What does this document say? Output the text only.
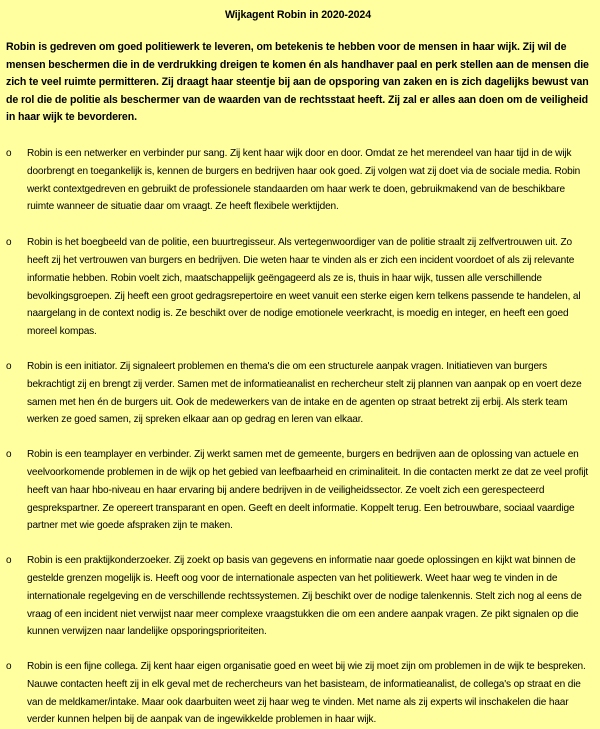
Wijkagent Robin in 2020-2024

Robin is gedreven om goed politiewerk te leveren, om betekenis te hebben voor de mensen in haar wijk. Zij wil de mensen beschermen die in de verdrukking dreigen te komen én als handhaver paal en perk stellen aan de mensen die zich te veel ruimte permitteren. Zij draagt haar steentje bij aan de opsporing van zaken en is zich dagelijks bewust van de rol die de politie als beschermer van de waarden van de rechtsstaat heeft. Zij zal er alles aan doen om de veiligheid in haar wijk te bevorderen.

o Robin is een netwerker en verbinder pur sang. Zij kent haar wijk door en door. Omdat ze het merendeel van haar tijd in de wijk doorbrengt en toegankelijk is, kennen de burgers en bedrijven haar ook goed. Zij volgen wat zij doet via de sociale media. Robin werkt contextgedreven en gebruikt de professionele standaarden om haar werk te doen, gebruikmakend van de beschikbare ruimte wanneer de situatie daar om vraagt. Ze heeft flexibele werktijden.
o Robin is het boegbeeld van de politie, een buurtregisseur. Als vertegenwoordiger van de politie straalt zij zelfvertrouwen uit. Zo heeft zij het vertrouwen van burgers en bedrijven. Die weten haar te vinden als er zich een incident voordoet of als zij relevante informatie hebben. Robin voelt zich, maatschappelijk geëngageerd als ze is, thuis in haar wijk, tussen alle verschillende bevolkingsgroepen. Zij heeft een groot gedragsrepertoire en weet vanuit een sterke eigen kern telkens passende te handelen, al naargelang in de context nodig is. Ze beschikt over de nodige emotionele veerkracht, is moedig en integer, en heeft een goed moreel kompas.
o Robin is een initiator. Zij signaleert problemen en thema's die om een structurele aanpak vragen. Initiatieven van burgers bekrachtigt zij en brengt zij verder. Samen met de informatieanalist en rechercheur stelt zij plannen van aanpak op en voert deze samen met hen én de burgers uit. Ook de medewerkers van de intake en de agenten op straat betrekt zij erbij. Als sterk team werken ze goed samen, zij spreken elkaar aan op gedrag en leren van elkaar.
o Robin is een teamplayer en verbinder. Zij werkt samen met de gemeente, burgers en bedrijven aan de oplossing van actuele en veelvoorkomende problemen in de wijk op het gebied van leefbaarheid en criminaliteit. In die contacten merkt ze dat ze veel profijt heeft van haar hbo-niveau en haar ervaring bij andere bedrijven in de veiligheidssector. Ze voelt zich een gerespecteerd gesprekspartner. Ze opereert transparant en open. Geeft en deelt informatie. Koppelt terug. Een betrouwbare, sociaal vaardige partner met wie goede afspraken zijn te maken.
o Robin is een praktijkonderzoeker. Zij zoekt op basis van gegevens en informatie naar goede oplossingen en kijkt wat binnen de gestelde grenzen mogelijk is. Heeft oog voor de internationale aspecten van het politiewerk. Weet haar weg te vinden in de internationale regelgeving en de verschillende rechtssystemen. Zij beschikt over de nodige talenkennis. Stelt zich nog al eens de vraag of een incident niet verwijst naar meer complexe vraagstukken die om een andere aanpak vragen. Ze pikt signalen op die kunnen verwijzen naar landelijke opsporingsprioriteiten.
o Robin is een fijne collega. Zij kent haar eigen organisatie goed en weet bij wie zij moet zijn om problemen in de wijk te bespreken. Nauwe contacten heeft zij in elk geval met de rechercheurs van het basisteam, de informatieanalist, de collega's op straat en die van de meldkamer/intake. Maar ook daarbuiten weet zij haar weg te vinden. Met name als zij experts wil inschakelen die haar verder kunnen helpen bij de aanpak van de ingewikkelde problemen in haar wijk.
